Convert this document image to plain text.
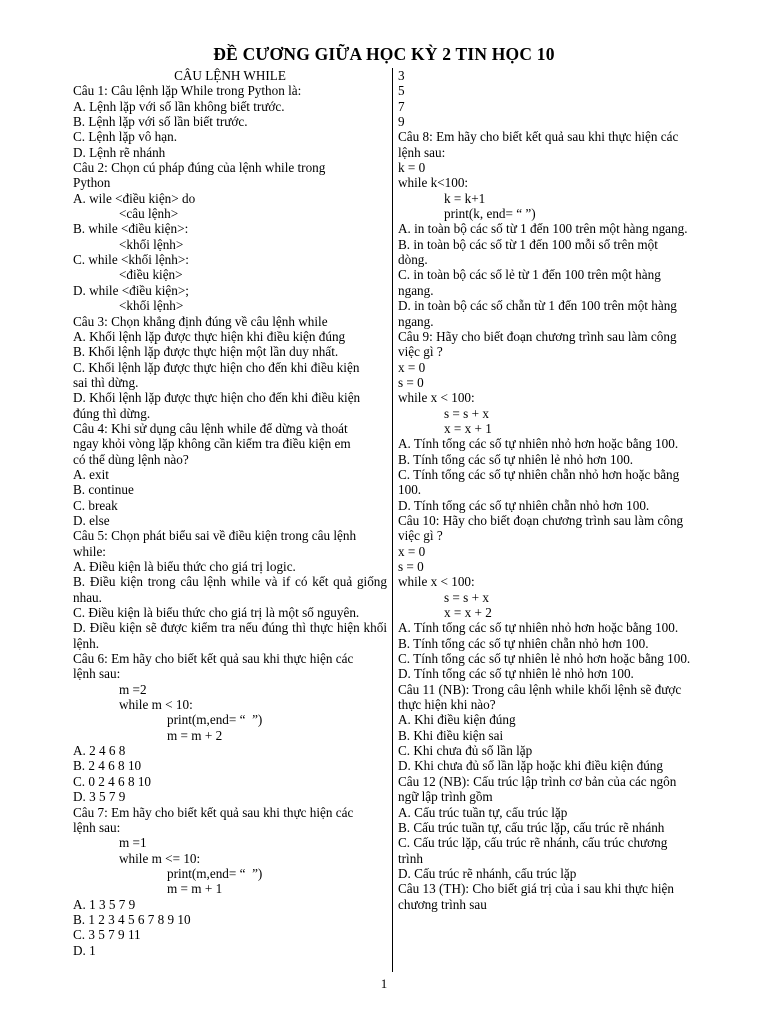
ĐỀ CƯƠNG GIỮA HỌC KỲ 2 TIN HỌC 10
CÂU LỆNH WHILE
Câu 1: Câu lệnh lặp While trong Python là:
A. Lệnh lặp với số lần không biết trước.
B. Lệnh lặp với số lần biết trước.
C. Lệnh lặp vô hạn.
D. Lệnh rẽ nhánh
Câu 2: Chọn cú pháp đúng của lệnh while trong
Python
A. wile <điều kiện> do
<câu lệnh>
B. while <điều kiện>:
<khối lệnh>
C. while <khối lệnh>:
<điều kiện>
D. while <điều kiện>;
<khối lệnh>
Câu 3: Chọn khẳng định đúng về câu lệnh while
A. Khối lệnh lặp được thực hiện khi điều kiện đúng
B. Khối lệnh lặp được thực hiện một lần duy nhất.
C. Khối lệnh lặp được thực hiện cho đến khi điều kiện
sai thì dừng.
D. Khối lệnh lặp được thực hiện cho đến khi điều kiện
đúng thì dừng.
Câu 4: Khi sử dụng câu lệnh while để dừng và thoát
ngay khỏi vòng lặp không cần kiểm tra điều kiện em
có thể dùng lệnh nào?
A. exit
B. continue
C. break
D. else
Câu 5: Chọn phát biểu sai về điều kiện trong câu lệnh
while:
A. Điều kiện là biểu thức cho giá trị logic.
B. Điều kiện trong câu lệnh while và if có kết quả giống nhau.
C. Điều kiện là biểu thức cho giá trị là một số nguyên.
D. Điều kiện sẽ được kiểm tra nếu đúng thì thực hiện khối lệnh.
Câu 6: Em hãy cho biết kết quả sau khi thực hiện các
lệnh sau:
m =2
while m < 10:
print(m,end= “  ”)
m = m + 2
A. 2 4 6 8
B. 2 4 6 8 10
C. 0 2 4 6 8 10
D. 3 5 7 9
Câu 7: Em hãy cho biết kết quả sau khi thực hiện các
lệnh sau:
m =1
while m <= 10:
print(m,end= “  ”)
m = m + 1
A. 1 3 5 7 9
B. 1 2 3 4 5 6 7 8 9 10
C. 3 5 7 9 11
D. 1
3
5
7
9
Câu 8: Em hãy cho biết kết quả sau khi thực hiện các
lệnh sau:
k = 0
while k<100:
k = k+1
print(k, end= “ ”)
A. in toàn bộ các số từ 1 đến 100 trên một hàng ngang.
B. in toàn bộ các số từ 1 đến 100 mỗi số trên một
dòng.
C. in toàn bộ các số lẻ từ 1 đến 100 trên một hàng
ngang.
D. in toàn bộ các số chẵn từ 1 đến 100 trên một hàng
ngang.
Câu 9: Hãy cho biết đoạn chương trình sau làm công
việc gì ?
x = 0
s = 0
while x < 100:
s = s + x
x = x + 1
A. Tính tổng các số tự nhiên nhỏ hơn hoặc bằng 100.
B. Tính tổng các số tự nhiên lẻ nhỏ hơn 100.
C. Tính tổng các số tự nhiên chẵn nhỏ hơn hoặc bằng
100.
D. Tính tổng các số tự nhiên chẵn nhỏ hơn 100.
Câu 10: Hãy cho biết đoạn chương trình sau làm công
việc gì ?
x = 0
s = 0
while x < 100:
s = s + x
x = x + 2
A. Tính tổng các số tự nhiên nhỏ hơn hoặc bằng 100.
B. Tính tổng các số tự nhiên chẵn nhỏ hơn 100.
C. Tính tổng các số tự nhiên lẻ nhỏ hơn hoặc bằng 100.
D. Tính tổng các số tự nhiên lẻ nhỏ hơn 100.
Câu 11 (NB): Trong câu lệnh while khối lệnh sẽ được
thực hiện khi nào?
A. Khi điều kiện đúng
B. Khi điều kiện sai
C. Khi chưa đủ số lần lặp
D. Khi chưa đủ số lần lặp hoặc khi điều kiện đúng
Câu 12 (NB): Cấu trúc lập trình cơ bản của các ngôn
ngữ lập trình gồm
A. Cấu trúc tuần tự, cấu trúc lặp
B. Cấu trúc tuần tự, cấu trúc lặp, cấu trúc rẽ nhánh
C. Cấu trúc lặp, cấu trúc rẽ nhánh, cấu trúc chương
trình
D. Cấu trúc rẽ nhánh, cấu trúc lặp
Câu 13 (TH): Cho biết giá trị của i sau khi thực hiện
chương trình sau
1
